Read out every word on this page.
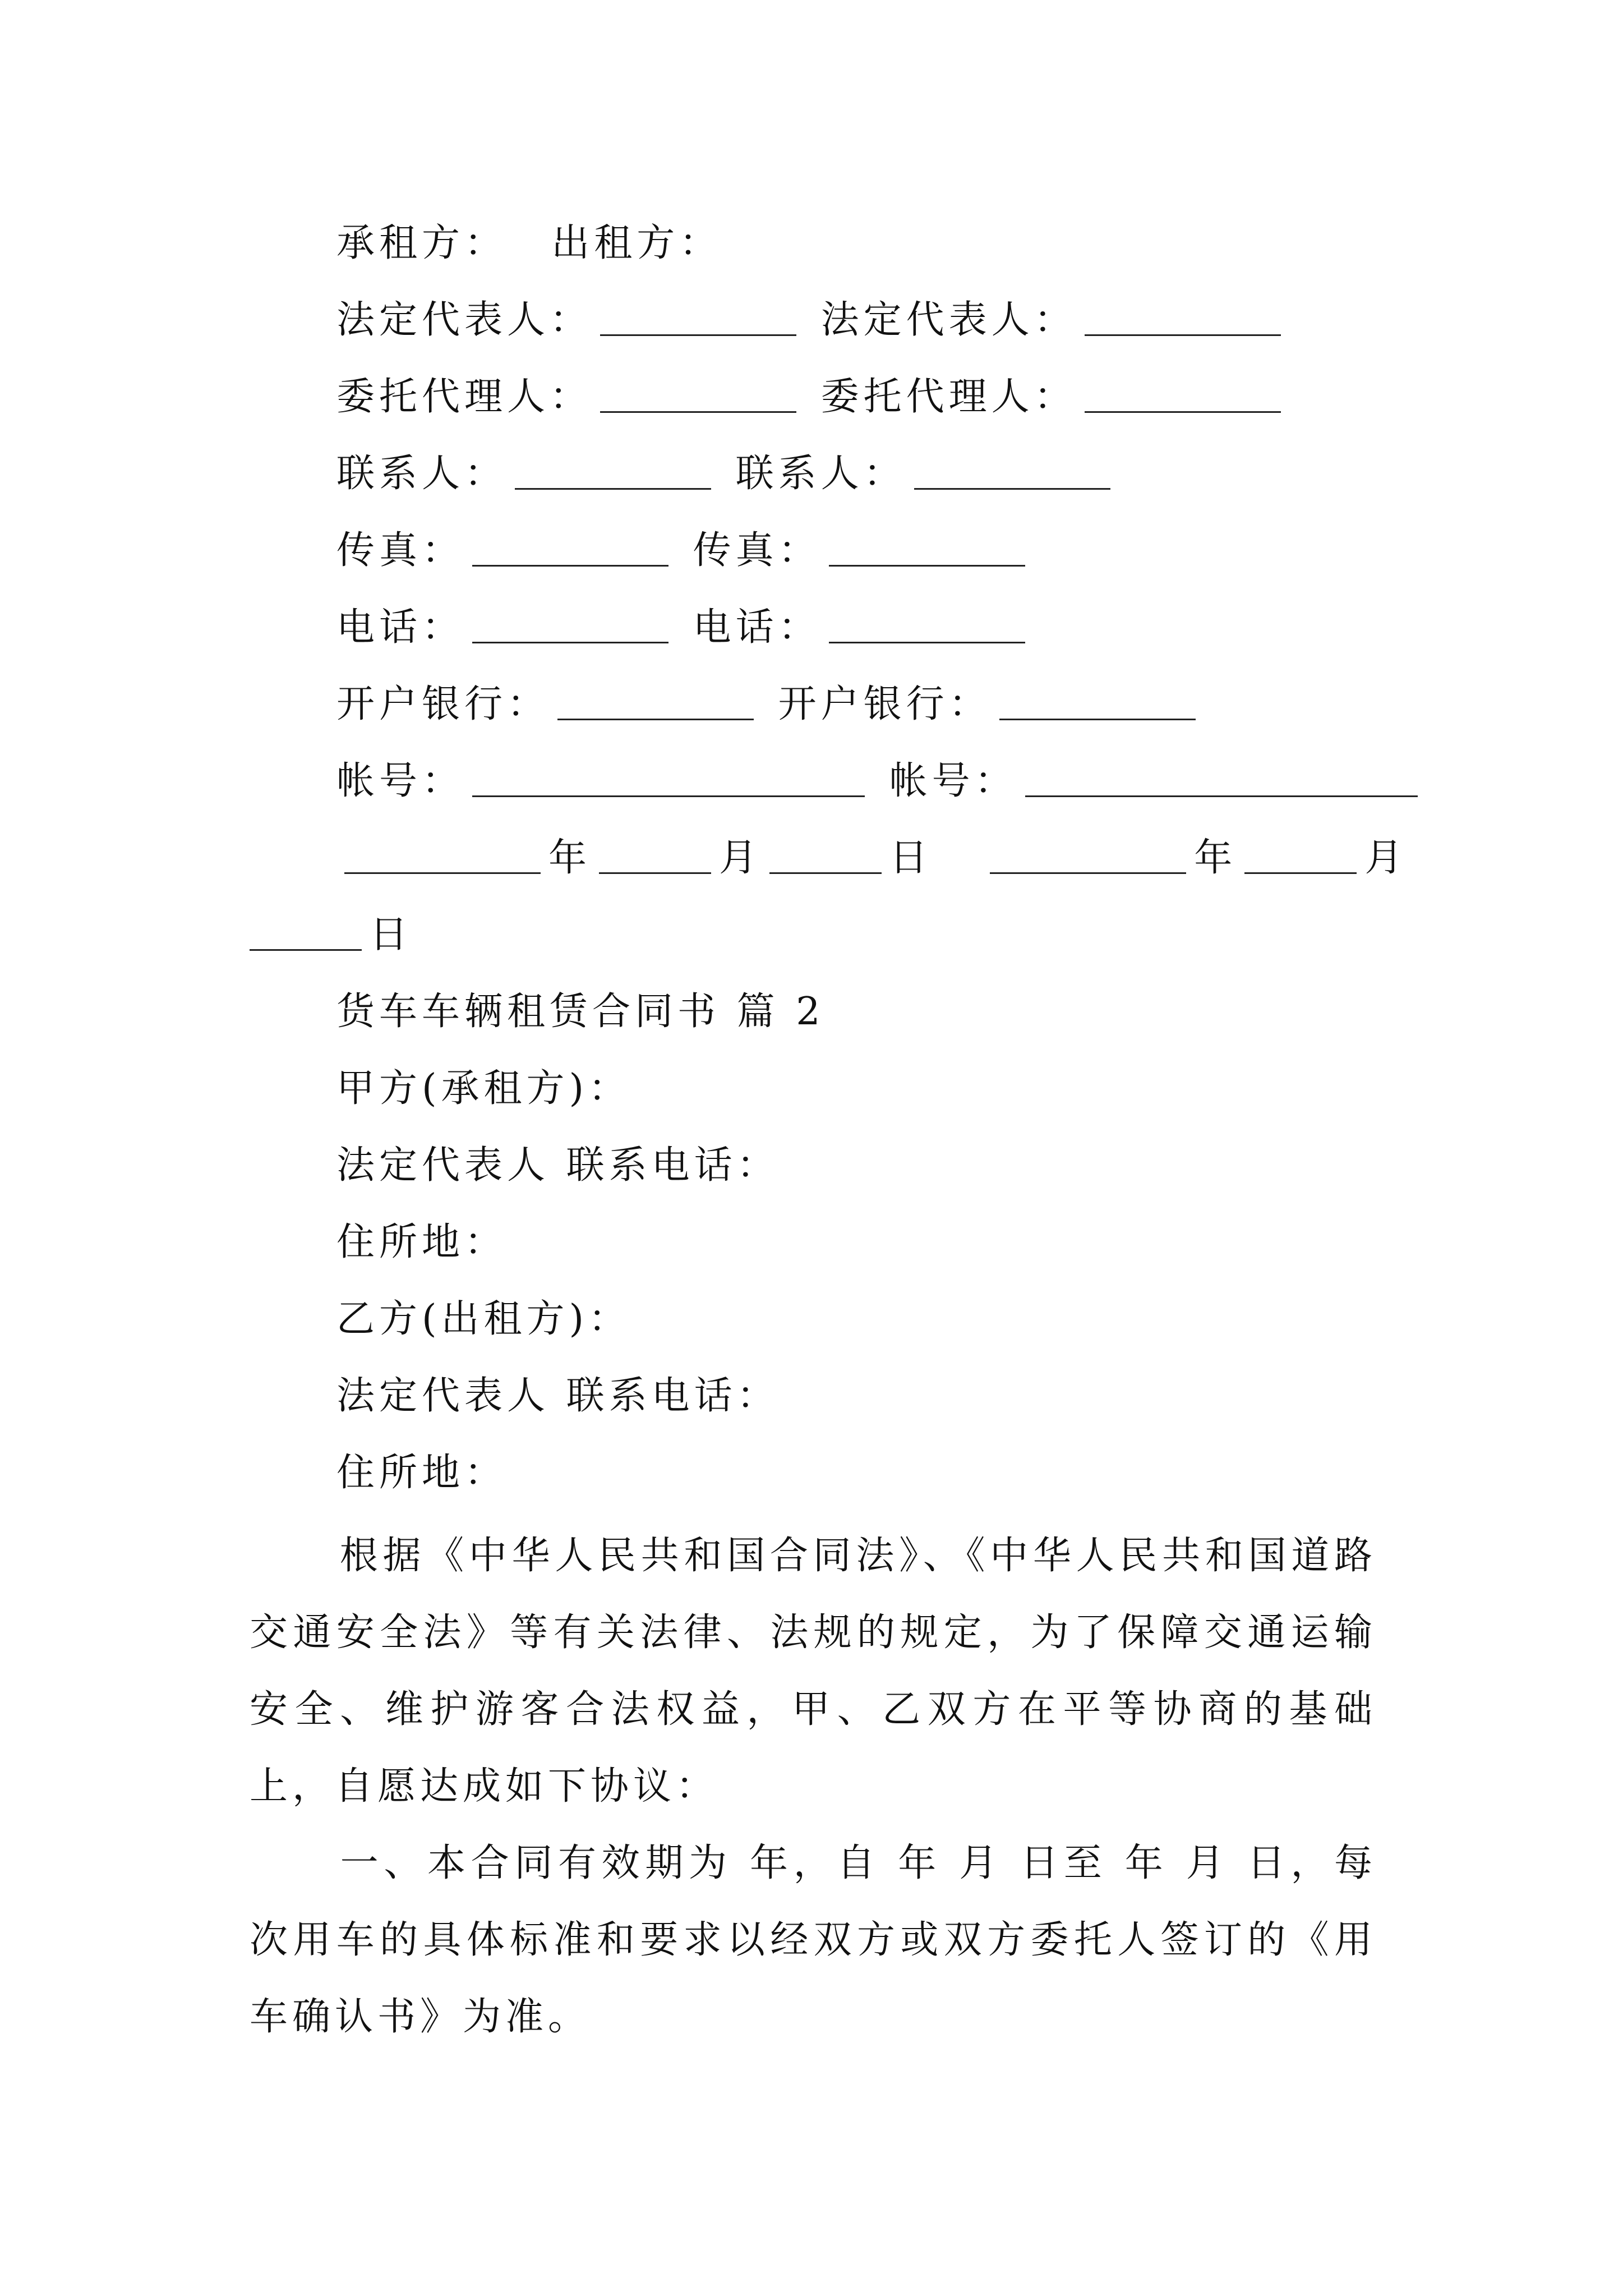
承租方： 出租方：
法定代表人：	法定代表人：
委托代理人：	委托代理人：
联系人：	联系人：
传真：	传真：
电话：	电话：
开户银行：	开户银行：
帐号：	帐号：
年	月	日	年	月
日
货车车辆租赁合同书 篇 2
甲方(承租方)：
法定代表人 联系电话：
住所地：
乙方(出租方)：
法定代表人 联系电话：
住所地：
根据《中华人民共和国合同法》、《中华人民共和国道路交通安全法》等有关法律、法规的规定，为了保障交通运输安全、维护游客合法权益，甲、乙双方在平等协商的基础上，自愿达成如下协议：
一、本合同有效期为 年，自 年 月 日至 年 月 日，每次用车的具体标准和要求以经双方或双方委托人签订的《用车确认书》为准。
